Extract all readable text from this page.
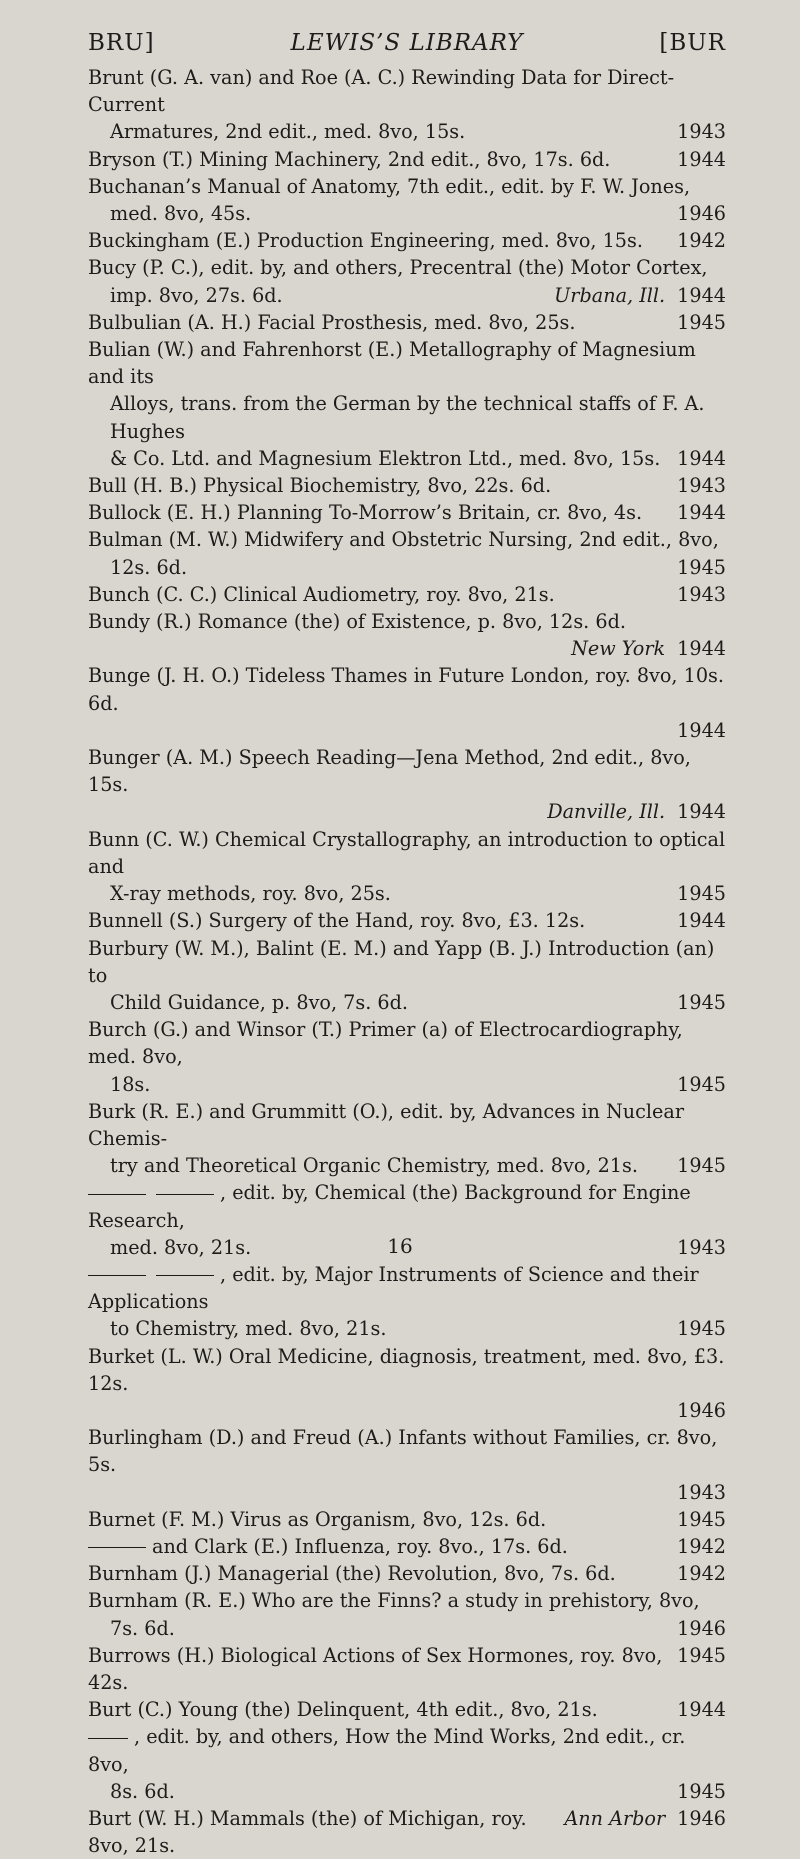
BRU]	LEWIS’S LIBRARY	[BUR
Brunt (G. A. van) and Roe (A. C.) Rewinding Data for Direct-Current
Armatures, 2nd edit., med. 8vo, 15s.	1943
Bryson (T.) Mining Machinery, 2nd edit., 8vo, 17s. 6d.	1944
Buchanan’s Manual of Anatomy, 7th edit., edit. by F. W. Jones,
med. 8vo, 45s.	1946
Buckingham (E.) Production Engineering, med. 8vo, 15s. 1942
Bucy (P. C.), edit. by, and others, Precentral (the) Motor Cortex,
imp. 8vo, 27s. 6d.	Urbana, Ill. 1944
Bulbulian (A. H.) Facial Prosthesis, med. 8vo, 25s.	1945
Bulian (W.) and Fahrenhorst (E.) Metallography of Magnesium and its
Alloys, trans. from the German by the technical staffs of F. A. Hughes
& Co. Ltd. and Magnesium Elektron Ltd., med. 8vo, 15s. 1944
Bull (H. B.) Physical Biochemistry, 8vo, 22s. 6d.	1943
Bullock (E. H.) Planning To-Morrow’s Britain, cr. 8vo, 4s. 1944
Bulman (M. W.) Midwifery and Obstetric Nursing, 2nd edit., 8vo,
12s. 6d.	1945
Bunch (C. C.) Clinical Audiometry, roy. 8vo, 21s.	1943
Bundy (R.) Romance (the) of Existence, p. 8vo, 12s. 6d.
New York 1944
Bunge (J. H. O.) Tideless Thames in Future London, roy. 8vo, 10s. 6d.
1944
Bunger (A. M.) Speech Reading—Jena Method, 2nd edit., 8vo, 15s.
Danville, Ill. 1944
Bunn (C. W.) Chemical Crystallography, an introduction to optical and
X-ray methods, roy. 8vo, 25s.	1945
Bunnell (S.) Surgery of the Hand, roy. 8vo, £3. 12s.	1944
Burbury (W. M.), Balint (E. M.) and Yapp (B. J.) Introduction (an) to
Child Guidance, p. 8vo, 7s. 6d.	1945
Burch (G.) and Winsor (T.) Primer (a) of Electrocardiography, med. 8vo,
18s.	1945
Burk (R. E.) and Grummitt (O.), edit. by, Advances in Nuclear Chemis-
try and Theoretical Organic Chemistry, med. 8vo, 21s. 1945
, edit. by, Chemical (the) Background for Engine Research,
med. 8vo, 21s.	1943
, edit. by, Major Instruments of Science and their Applications
to Chemistry, med. 8vo, 21s.	1945
Burket (L. W.) Oral Medicine, diagnosis, treatment, med. 8vo, £3. 12s.
1946
Burlingham (D.) and Freud (A.) Infants without Families, cr. 8vo, 5s.
1943
Burnet (F. M.) Virus as Organism, 8vo, 12s. 6d.	1945
and Clark (E.) Influenza, roy. 8vo., 17s. 6d.	1942
Burnham (J.) Managerial (the) Revolution, 8vo, 7s. 6d.	1942
Burnham (R. E.) Who are the Finns? a study in prehistory, 8vo,
7s. 6d.	1946
Burrows (H.) Biological Actions of Sex Hormones, roy. 8vo, 42s.
1945
Burt (C.) Young (the) Delinquent, 4th edit., 8vo, 21s.	1944
, edit. by, and others, How the Mind Works, 2nd edit., cr. 8vo,
8s. 6d.	1945
Burt (W. H.) Mammals (the) of Michigan, roy. 8vo, 21s.
Ann Arbor 1946
16
